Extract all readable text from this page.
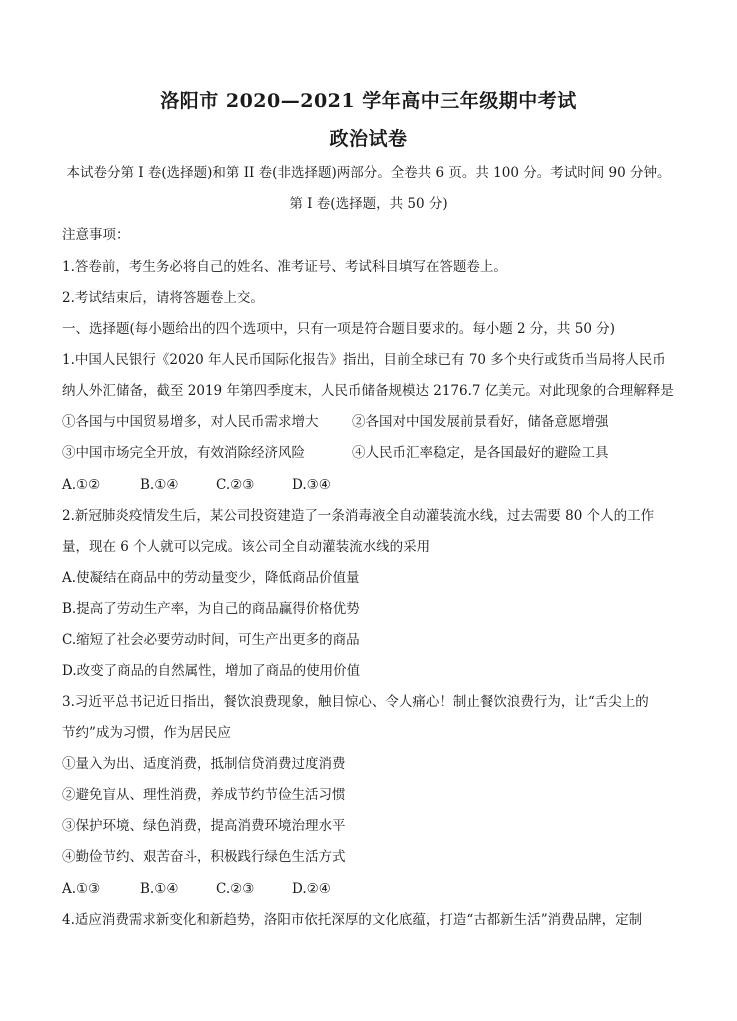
洛阳市 2020—2021 学年高中三年级期中考试
政治试卷
本试卷分第 I 卷(选择题)和第 II 卷(非选择题)两部分。全卷共 6 页。共 100 分。考试时间 90 分钟。
第 I 卷(选择题，共 50 分)
注意事项：
1.答卷前，考生务必将自己的姓名、准考证号、考试科目填写在答题卷上。
2.考试结束后，请将答题卷上交。
一、选择题(每小题给出的四个选项中，只有一项是符合题目要求的。每小题 2 分，共 50 分)
1.中国人民银行《2020 年人民币国际化报告》指出，目前全球已有 70 多个央行或货币当局将人民币
纳人外汇储备，截至 2019 年第四季度末，人民币储备规模达 2176.7 亿美元。对此现象的合理解释是
①各国与中国贸易增多，对人民币需求增大 ②各国对中国发展前景看好，储备意愿增强
③中国市场完全开放，有效消除经济风险	④人民币汇率稳定，是各国最好的避险工具
A.①②	B.①④	C.②③	D.③④
2.新冠肺炎疫情发生后，某公司投资建造了一条消毒液全自动灌装流水线，过去需要 80 个人的工作
量，现在 6 个人就可以完成。该公司全自动灌装流水线的采用
A.使凝结在商品中的劳动量变少，降低商品价值量
B.提高了劳动生产率，为自己的商品赢得价格优势
C.缩短了社会必要劳动时间，可生产出更多的商品
D.改变了商品的自然属性，增加了商品的使用价值
3.习近平总书记近日指出，餐饮浪费现象，触目惊心、令人痛心！制止餐饮浪费行为，让“舌尖上的
节约”成为习惯，作为居民应
①量入为出、适度消费，抵制信贷消费过度消费
②避免盲从、理性消费，养成节约节俭生活习惯
③保护环境、绿色消费，提高消费环境治理水平
④勤俭节约、艰苦奋斗，积极践行绿色生活方式
A.①③	B.①④	C.②③	D.②④
4.适应消费需求新变化和新趋势，洛阳市依托深厚的文化底蕴，打造“古都新生活”消费品牌，定制
